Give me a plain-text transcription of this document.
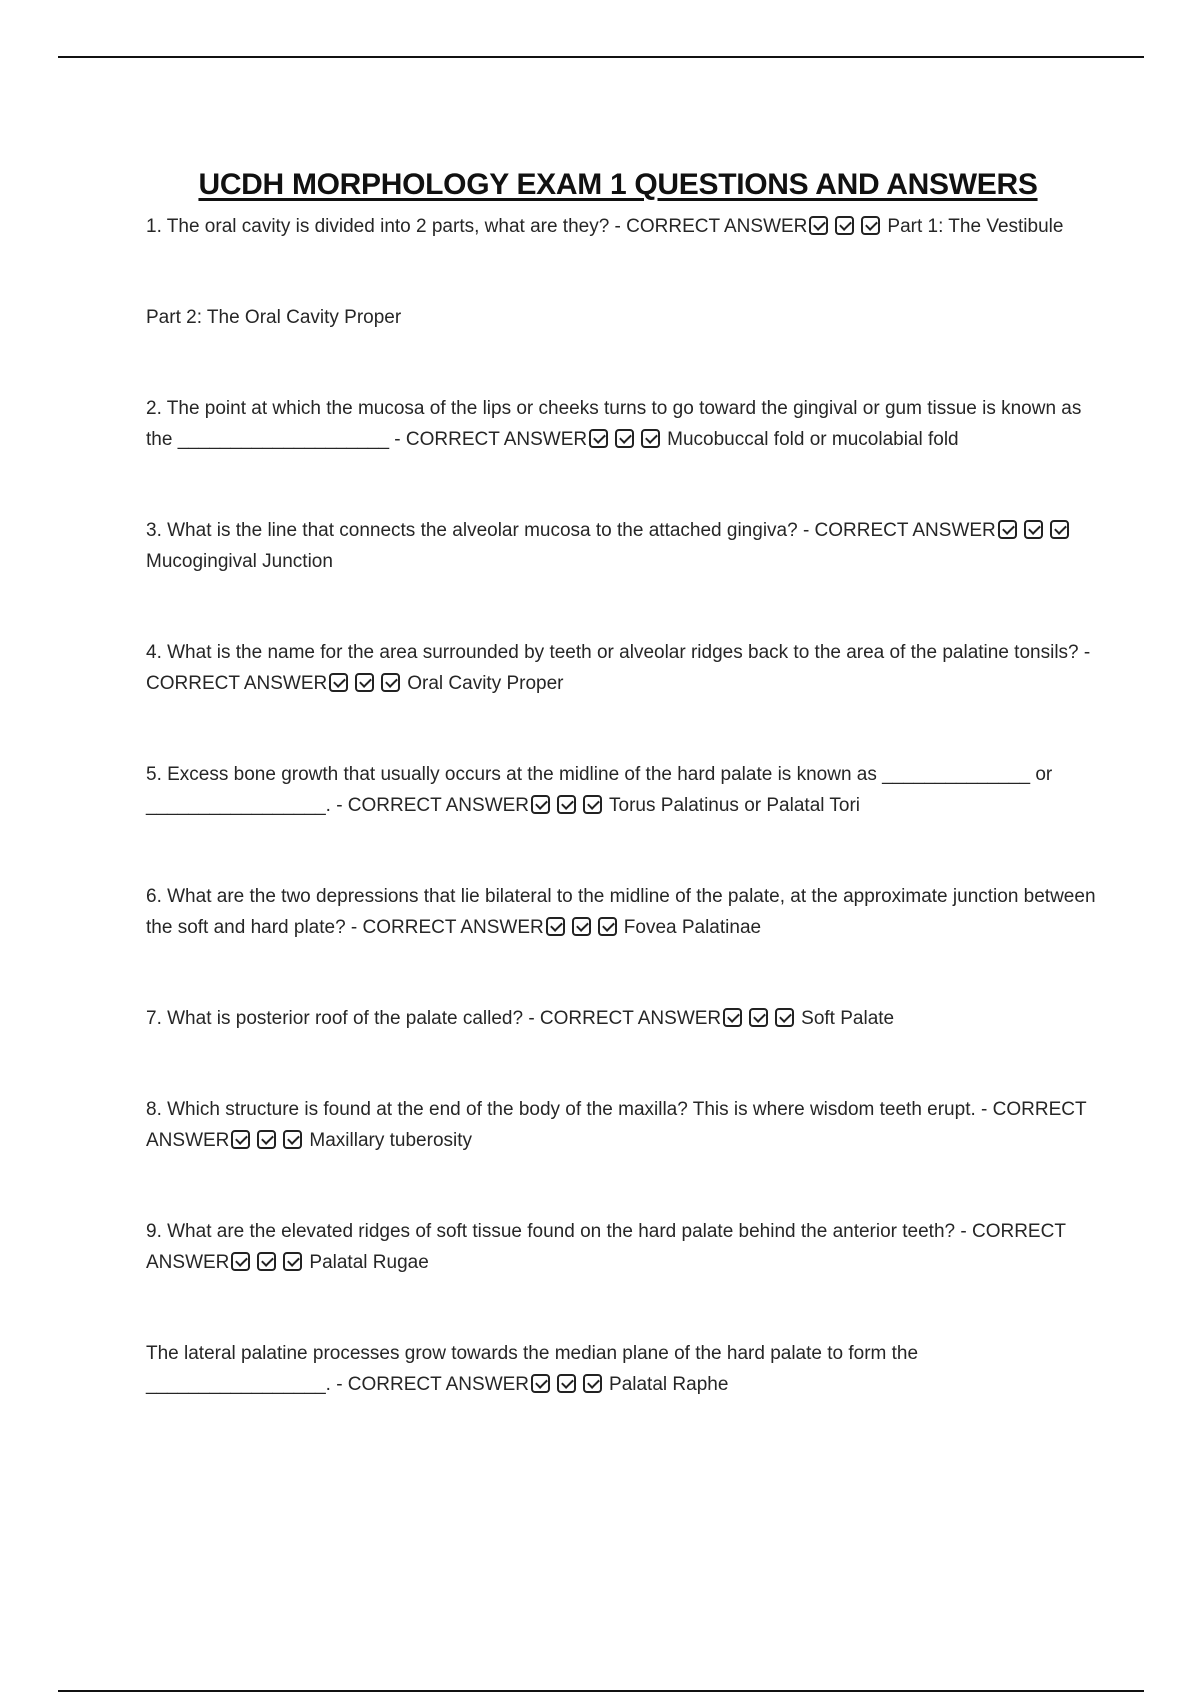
UCDH MORPHOLOGY EXAM 1 QUESTIONS AND ANSWERS

1. The oral cavity is divided into 2 parts, what are they? - CORRECT ANSWER	Part 1: The Vestibule

Part 2: The Oral Cavity Proper

2. The point at which the mucosa of the lips or cheeks turns to go toward the gingival or gum tissue is known as the ____________________ - CORRECT ANSWER	Mucobuccal fold or mucolabial fold

3. What is the line that connects the alveolar mucosa to the attached gingiva? - CORRECT ANSWERMucogingival Junction

4. What is the name for the area surrounded by teeth or alveolar ridges back to the area of the palatine tonsils? - CORRECT ANSWER	Oral Cavity Proper

5. Excess bone growth that usually occurs at the midline of the hard palate is known as ______________ or _________________. - CORRECT ANSWER	Torus Palatinus or Palatal Tori

6. What are the two depressions that lie bilateral to the midline of the palate, at the approximate junction between the soft and hard plate? - CORRECT ANSWER	Fovea Palatinae

7. What is posterior roof of the palate called? - CORRECT ANSWER	Soft Palate

8. Which structure is found at the end of the body of the maxilla? This is where wisdom teeth erupt. - CORRECT ANSWER	Maxillary tuberosity

9. What are the elevated ridges of soft tissue found on the hard palate behind the anterior teeth? - CORRECT ANSWER	Palatal Rugae

The lateral palatine processes grow towards the median plane of the hard palate to form the _________________. - CORRECT ANSWER	Palatal Raphe
